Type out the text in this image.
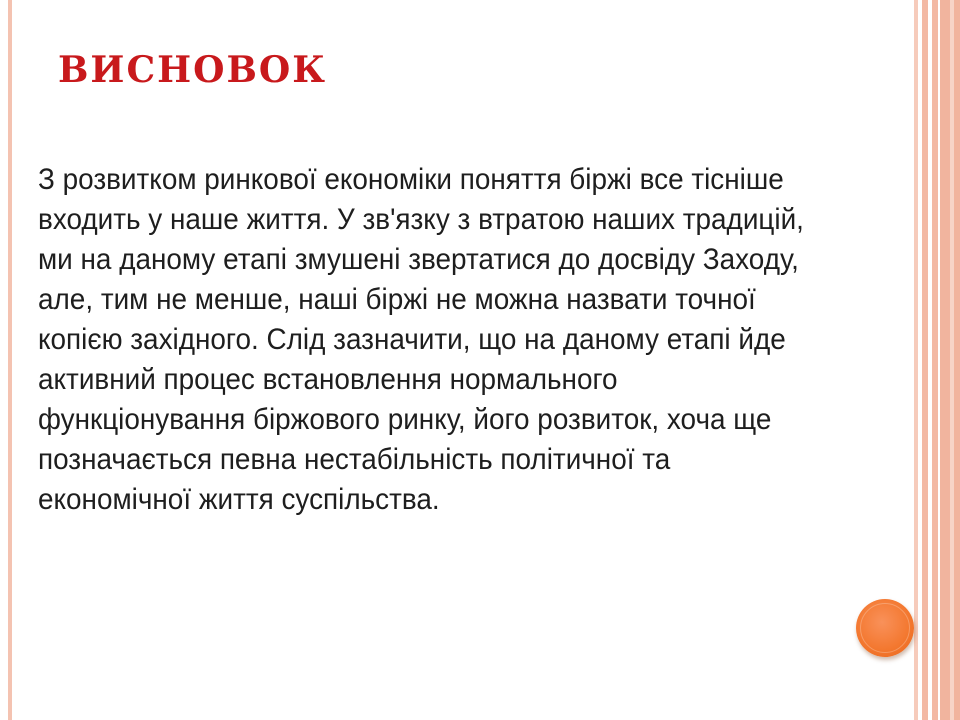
ВИСНОВОК

З розвитком ринкової економіки поняття біржі все тісніше входить у наше життя. У зв'язку з втратою наших традицій, ми на даному етапі змушені звертатися до досвіду Заходу, але, тим не менше, наші біржі не можна назвати точної копією західного. Слід зазначити, що на даному етапі йде активний процес встановлення нормального функціонування біржового ринку, його розвиток, хоча ще позначається певна нестабільність політичної та економічної життя суспільства.
